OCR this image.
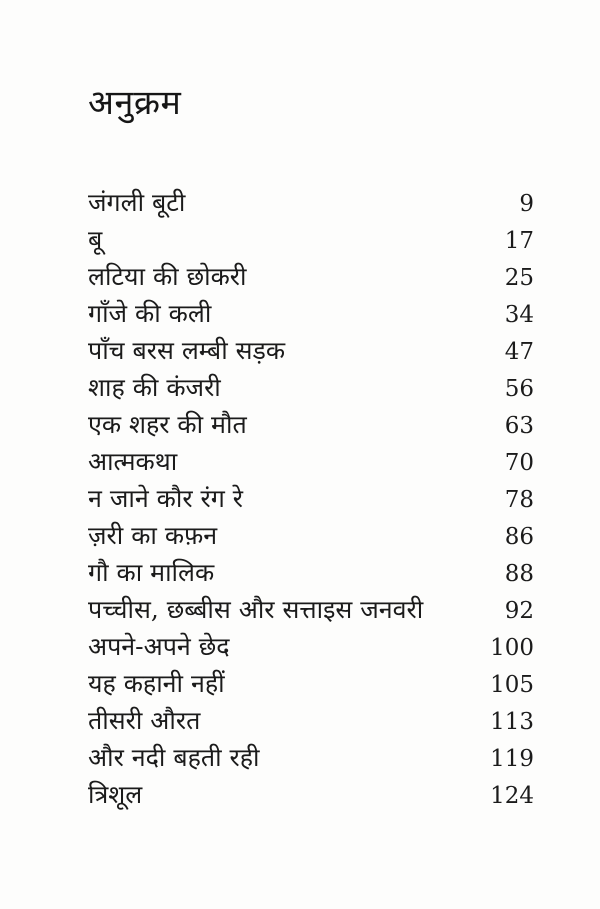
अनुक्रम
जंगली बूटी	9
बू	17
लटिया की छोकरी	25
गाँजे की कली	34
पाँच बरस लम्बी सड़क	47
शाह की कंजरी	56
एक शहर की मौत	63
आत्मकथा	70
न जाने कौर रंग रे	78
ज़री का कफ़न	86
गौ का मालिक	88
पच्चीस, छब्बीस और सत्ताइस जनवरी	92
अपने-अपने छेद	100
यह कहानी नहीं	105
तीसरी औरत	113
और नदी बहती रही	119
त्रिशूल	124
